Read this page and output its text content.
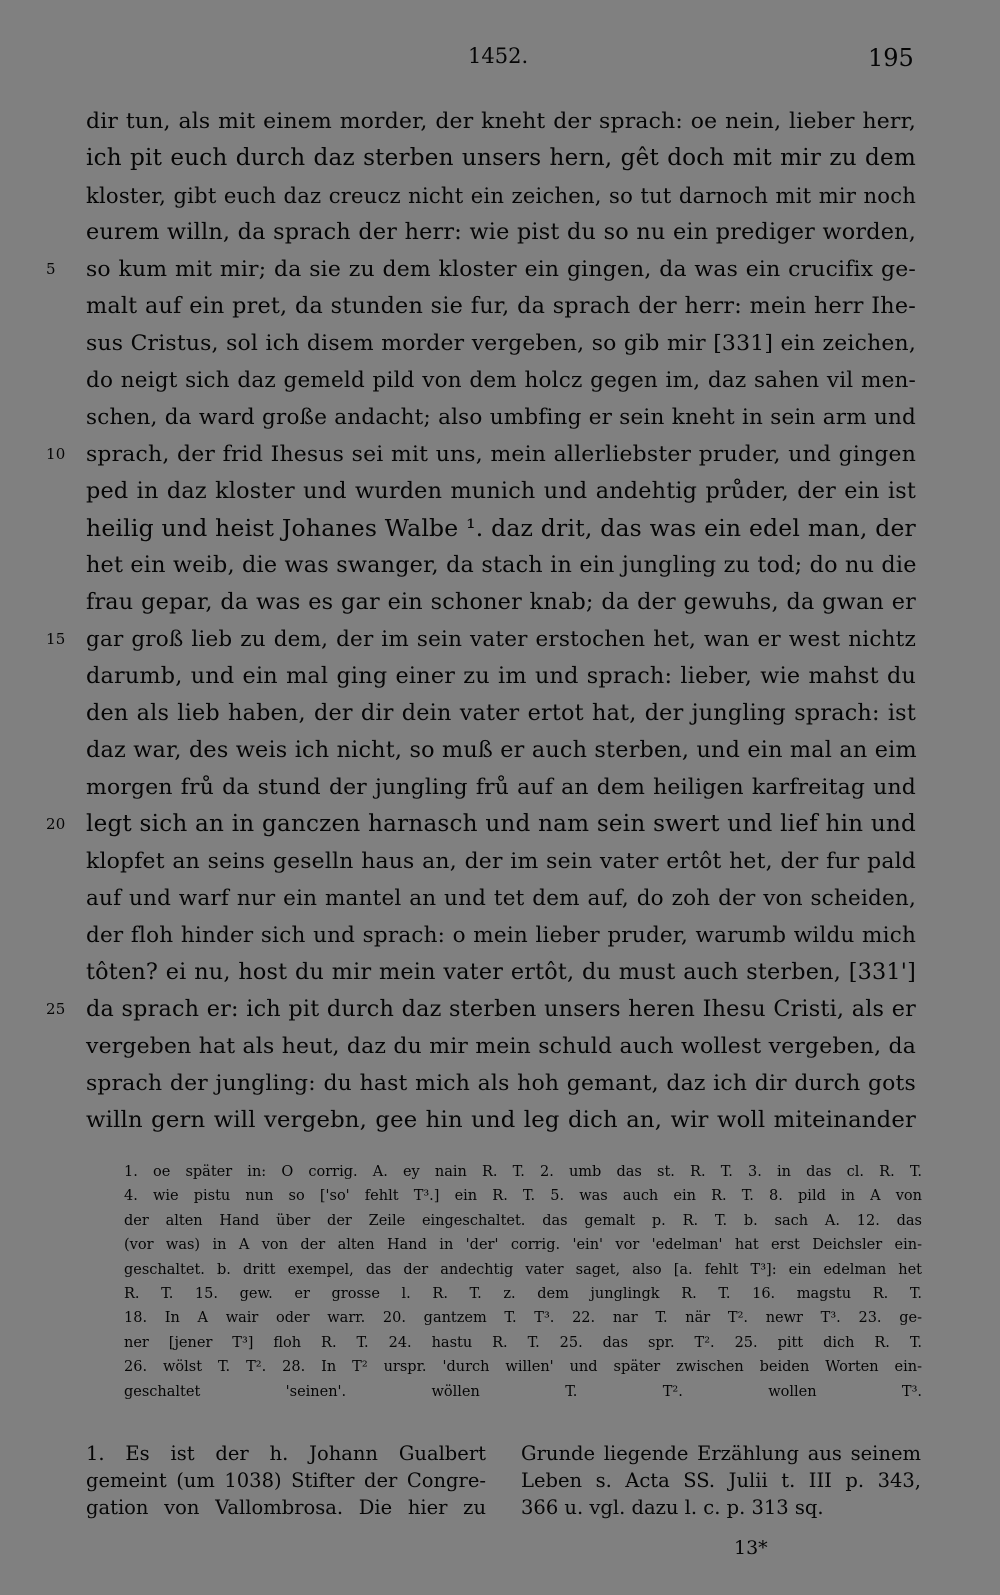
1452.	195
dir tun, als mit einem morder, der kneht der sprach: oe nein, lieber herr,
ich pit euch durch daz sterben unsers hern, gêt doch mit mir zu dem
kloster, gibt euch daz creucz nicht ein zeichen, so tut darnoch mit mir noch
eurem willn, da sprach der herr: wie pist du so nu ein prediger worden,
5	so kum mit mir; da sie zu dem kloster ein gingen, da was ein crucifix ge-
malt auf ein pret, da stunden sie fur, da sprach der herr: mein herr Ihe-
sus Cristus, sol ich disem morder vergeben, so gib mir [331] ein zeichen,
do neigt sich daz gemeld pild von dem holcz gegen im, daz sahen vil men-
schen, da ward große andacht; also umbfing er sein kneht in sein arm und
10 sprach, der frid Ihesus sei mit uns, mein allerliebster pruder, und gingen
ped in daz kloster und wurden munich und andehtig průder, der ein ist
heilig und heist Johanes Walbe ¹. daz drit, das was ein edel man, der
het ein weib, die was swanger, da stach in ein jungling zu tod; do nu die
frau gepar, da was es gar ein schoner knab; da der gewuhs, da gwan er
15 gar groß lieb zu dem, der im sein vater erstochen het, wan er west nichtz
darumb, und ein mal ging einer zu im und sprach: lieber, wie mahst du
den als lieb haben, der dir dein vater ertot hat, der jungling sprach: ist
daz war, des weis ich nicht, so muß er auch sterben, und ein mal an eim
morgen frů da stund der jungling frů auf an dem heiligen karfreitag und
20 legt sich an in ganczen harnasch und nam sein swert und lief hin und
klopfet an seins geselln haus an, der im sein vater ertôt het, der fur pald
auf und warf nur ein mantel an und tet dem auf, do zoh der von scheiden,
der floh hinder sich und sprach: o mein lieber pruder, warumb wildu mich
tôten? ei nu, host du mir mein vater ertôt, du must auch sterben, [331']
25 da sprach er: ich pit durch daz sterben unsers heren Ihesu Cristi, als er
vergeben hat als heut, daz du mir mein schuld auch wollest vergeben, da
sprach der jungling: du hast mich als hoh gemant, daz ich dir durch gots
willn gern will vergebn, gee hin und leg dich an, wir woll miteinander
1. oe später in: O corrig. A. ey nain R. T. 2. umb das st. R. T. 3. in das cl. R. T.
4. wie pistu nun so ['so' fehlt T³.] ein R. T. 5. was auch ein R. T. 8. pild in A von
der alten Hand über der Zeile eingeschaltet. das gemalt p. R. T. b. sach A. 12. das
(vor was) in A von der alten Hand in 'der' corrig. 'ein' vor 'edelman' hat erst Deichsler ein-
geschaltet. b. dritt exempel, das der andechtig vater saget, also [a. fehlt T³]: ein edelman het
R. T. 15. gew. er grosse l. R. T. z. dem junglingk R. T. 16. magstu R. T.
18. In A wair oder warr. 20. gantzem T. T³. 22. nar T. när T². newr T³. 23. ge-
ner [jener T³] floh R. T. 24. hastu R. T. 25. das spr. T². 25. pitt dich R. T.
26. wölst T. T². 28. In T² urspr. 'durch willen' und später zwischen beiden Worten ein-
geschaltet 'seinen'. wöllen T. T². wollen T³.
1. Es ist der h. Johann Gualbert
gemeint (um 1038) Stifter der Congre-
gation von Vallombrosa. Die hier zu
Grunde liegende Erzählung aus seinem
Leben s. Acta SS. Julii t. III p. 343,
366 u. vgl. dazu l. c. p. 313 sq.
13*
